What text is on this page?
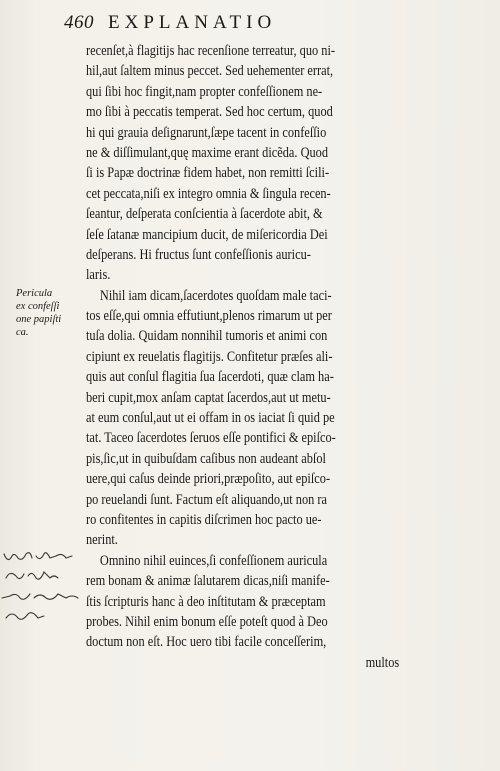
460 EXPLANATIO
Pericula
ex confeſſi
one papiſti
ca.
recenſet,à flagitijs hac recenſione terreatur, quo ni-
hil,aut ſaltem minus peccet. Sed uehementer errat,
qui ſibi hoc fingit,nam propter confeſſionem ne-
mo ſibi à peccatis temperat. Sed hoc certum, quod
hi qui grauia deſignarunt,ſæpe tacent in confeſſio
ne & diſſimulant,quę maxime erant dicẽda. Quod
ſi is Papæ doctrinæ fidem habet, non remitti ſcili-
cet peccata,niſi ex integro omnia & ſingula recen-
ſeantur, deſperata conſcientia à ſacerdote abit, &
ſeſe ſatanæ mancipium ducit, de miſericordia Dei
deſperans. Hi fructus ſunt confeſſionis auricu-
laris.
Nihil iam dicam,ſacerdotes quoſdam male taci-
tos eſſe,qui omnia effutiunt,plenos rimarum ut per
tuſa dolia. Quidam nonnihil tumoris et animi con
cipiunt ex reuelatis flagitijs. Confitetur præſes ali-
quis aut conſul flagitia ſua ſacerdoti, quæ clam ha-
beri cupit,mox anſam captat ſacerdos,aut ut metu-
at eum conſul,aut ut ei offam in os iaciat ſi quid pe
tat. Taceo ſacerdotes ſeruos eſſe pontifici & epiſco-
pis,ſic,ut in quibuſdam caſibus non audeant abſol
uere,qui caſus deinde priori,præpoſito, aut epiſco-
po reuelandi ſunt. Factum eſt aliquando,ut non ra
ro confitentes in capitis diſcrimen hoc pacto ue-
nerint.
Omnino nihil euinces,ſi confeſſionem auricula
rem bonam & animæ ſalutarem dicas,niſi manife-
ſtis ſcripturis hanc à deo inſtitutam & præceptam
probes. Nihil enim bonum eſſe poteſt quod à Deo
doctum non eſt. Hoc uero tibi facile conceſſerim,
multos
